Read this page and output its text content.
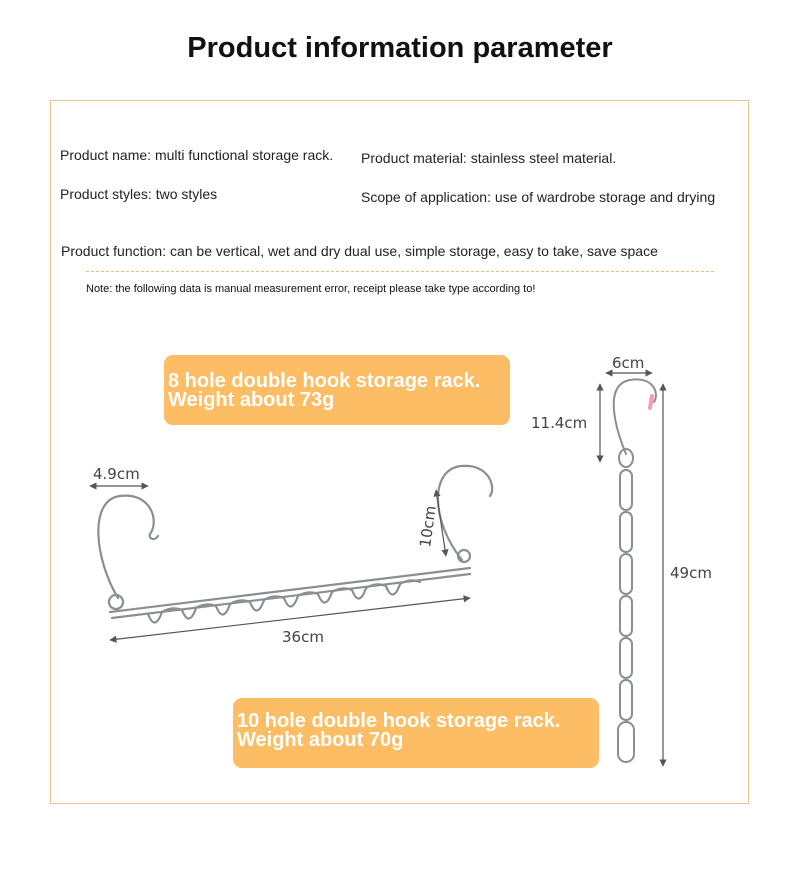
Product information parameter
Product name: multi functional storage rack. Product material: stainless steel material.
Product styles: two styles	Scope of application: use of wardrobe storage and drying
Product function: can be vertical, wet and dry dual use, simple storage, easy to take, save space
Note: the following data is manual measurement error, receipt please take type according to!
8 hole double hook storage rack.
Weight about 73g
10 hole double hook storage rack.
Weight about 70g
4.9cm
10cm
36cm
6cm
11.4cm
49cm
